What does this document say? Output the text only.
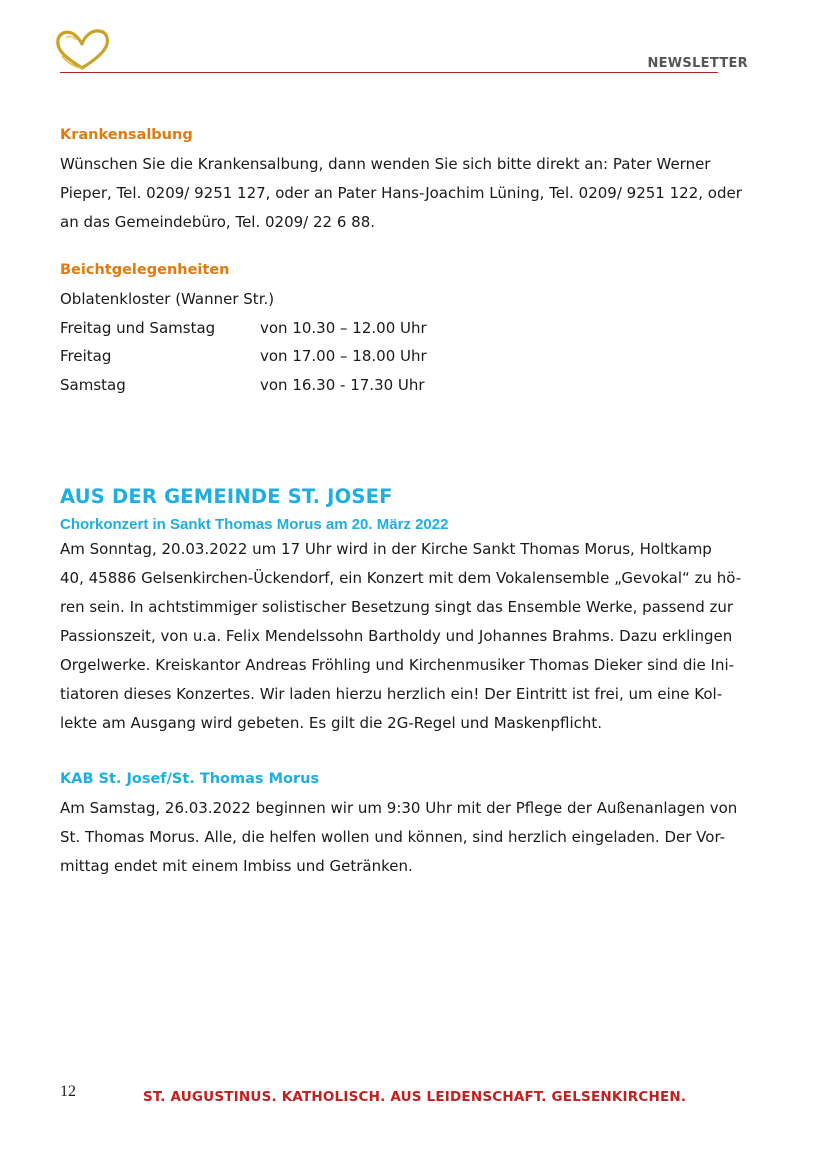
NEWSLETTER
Krankensalbung
Wünschen Sie die Krankensalbung, dann wenden Sie sich bitte direkt an: Pater Werner
Pieper, Tel. 0209/ 9251 127, oder an Pater Hans-Joachim Lüning, Tel. 0209/ 9251 122, oder
an das Gemeindebüro, Tel. 0209/ 22 6 88.
Beichtgelegenheiten
Oblatenkloster (Wanner Str.)
Freitag und Samstag	von 10.30 – 12.00 Uhr
Freitag	von 17.00 – 18.00 Uhr
Samstag	von 16.30 - 17.30 Uhr
AUS DER GEMEINDE ST. JOSEF
Chorkonzert in Sankt Thomas Morus am 20. März 2022
Am Sonntag, 20.03.2022 um 17 Uhr wird in der Kirche Sankt Thomas Morus, Holtkamp
40, 45886 Gelsenkirchen-Ückendorf, ein Konzert mit dem Vokalensemble „Gevokal“ zu hö-
ren sein. In achtstimmiger solistischer Besetzung singt das Ensemble Werke, passend zur
Passionszeit, von u.a. Felix Mendelssohn Bartholdy und Johannes Brahms. Dazu erklingen
Orgelwerke. Kreiskantor Andreas Fröhling und Kirchenmusiker Thomas Dieker sind die Ini-
tiatoren dieses Konzertes. Wir laden hierzu herzlich ein! Der Eintritt ist frei, um eine Kol-
lekte am Ausgang wird gebeten. Es gilt die 2G-Regel und Maskenpflicht.
KAB St. Josef/St. Thomas Morus
Am Samstag, 26.03.2022 beginnen wir um 9:30 Uhr mit der Pflege der Außenanlagen von
St. Thomas Morus. Alle, die helfen wollen und können, sind herzlich eingeladen. Der Vor-
mittag endet mit einem Imbiss und Getränken.
12	ST. AUGUSTINUS. KATHOLISCH. AUS LEIDENSCHAFT. GELSENKIRCHEN.
